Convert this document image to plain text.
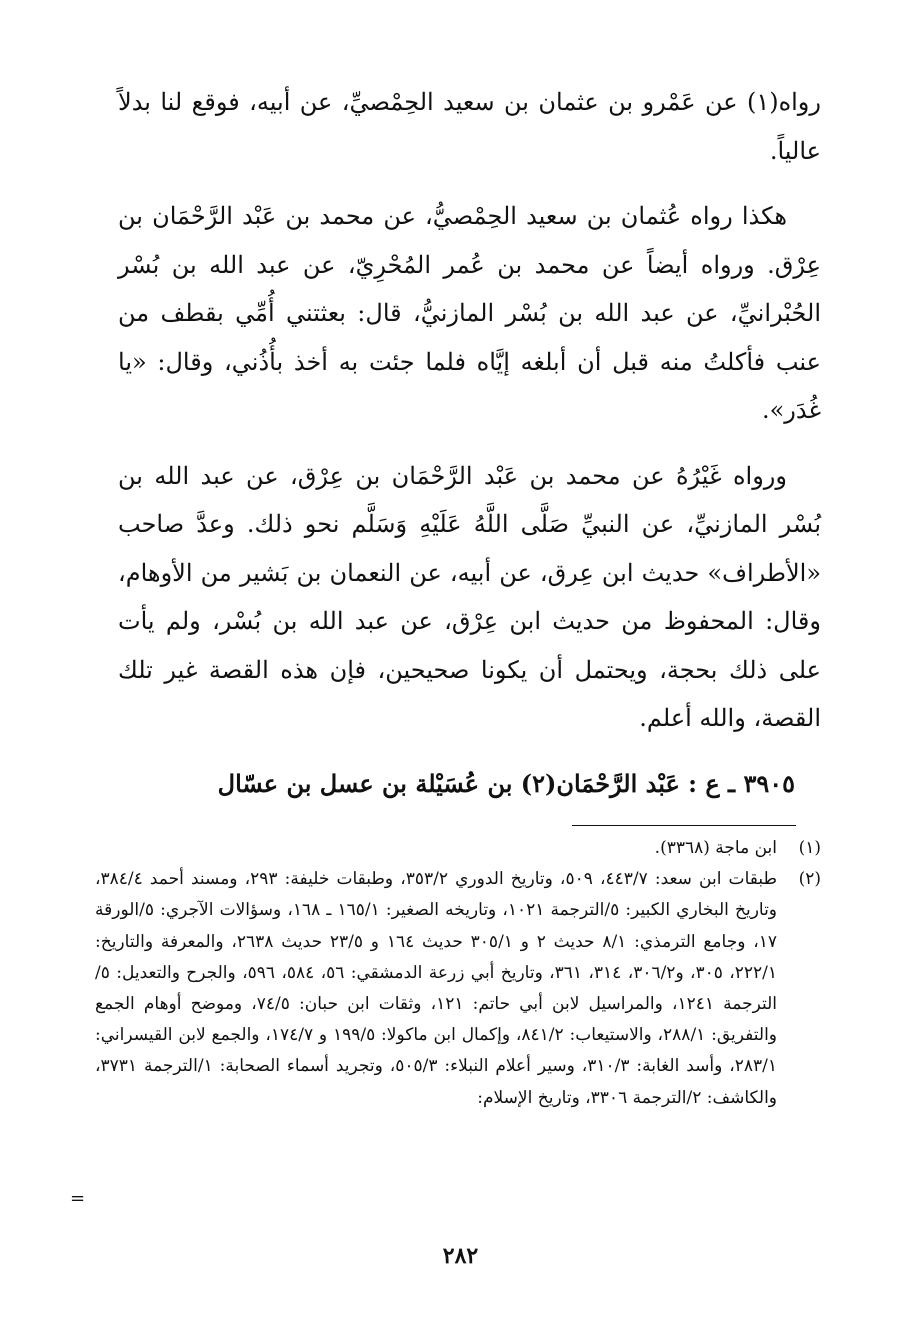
رواه(١) عن عَمْرو بن عثمان بن سعيد الحِمْصيِّ، عن أبيه، فوقع لنا بدلاً عالياً.

هكذا رواه عُثمان بن سعيد الحِمْصيُّ، عن محمد بن عَبْد الرَّحْمَان بن عِرْق. ورواه أيضاً عن محمد بن عُمر المُحْرِيّ، عن عبد الله بن بُسْر الحُبْرانيِّ، عن عبد الله بن بُسْر المازنيُّ، قال: بعثتني أُمِّي بقطف من عنب فأكلتُ منه قبل أن أبلغه إيَّاه فلما جئت به أخذ بأُذُني، وقال: «يا غُدَر».

ورواه غَيْرُهُ عن محمد بن عَبْد الرَّحْمَان بن عِرْق، عن عبد الله بن بُسْر المازنيِّ، عن النبيِّ صَلَّى اللَّهُ عَلَيْهِ وَسَلَّم نحو ذلك. وعدَّ صاحب «الأطراف» حديث ابن عِرق، عن أبيه، عن النعمان بن بَشير من الأوهام، وقال: المحفوظ من حديث ابن عِرْق، عن عبد الله بن بُسْر، ولم يأت على ذلك بحجة، ويحتمل أن يكونا صحيحين، فإن هذه القصة غير تلك القصة، والله أعلم.

٣٩٠٥ ـ ع : عَبْد الرَّحْمَان(٢) بن عُسَيْلة بن عسل بن عسّال

(١)
ابن ماجة (٣٣٦٨).
(٢)
طبقات ابن سعد: ٤٤٣/٧، ٥٠٩، وتاريخ الدوري ٣٥٣/٢، وطبقات خليفة: ٢٩٣، ومسند أحمد ٣٨٤/٤، وتاريخ البخاري الكبير: ٥/الترجمة ١٠٢١، وتاريخه الصغير: ١٦٥/١ ـ ١٦٨، وسؤالات الآجري: ٥/الورقة ١٧، وجامع الترمذي: ٨/١ حديث ٢ و ٣٠٥/١ حديث ١٦٤ و ٢٣/٥ حديث ٢٦٣٨، والمعرفة والتاريخ: ٢٢٢/١، ٣٠٥، و٣٠٦/٢، ٣١٤، ٣٦١، وتاريخ أبي زرعة الدمشقي: ٥٦، ٥٨٤، ٥٩٦، والجرح والتعديل: ٥/الترجمة ١٢٤١، والمراسيل لابن أبي حاتم: ١٢١، وثقات ابن حبان: ٧٤/٥، وموضح أوهام الجمع والتفريق: ٢٨٨/١، والاستيعاب: ٨٤١/٢، وإكمال ابن ماكولا: ١٩٩/٥ و ١٧٤/٧، والجمع لابن القيسراني: ٢٨٣/١، وأسد الغابة: ٣١٠/٣، وسير أعلام النبلاء: ٥٠٥/٣، وتجريد أسماء الصحابة: ١/الترجمة ٣٧٣١، والكاشف: ٢/الترجمة ٣٣٠٦، وتاريخ الإسلام:
=
٢٨٢
